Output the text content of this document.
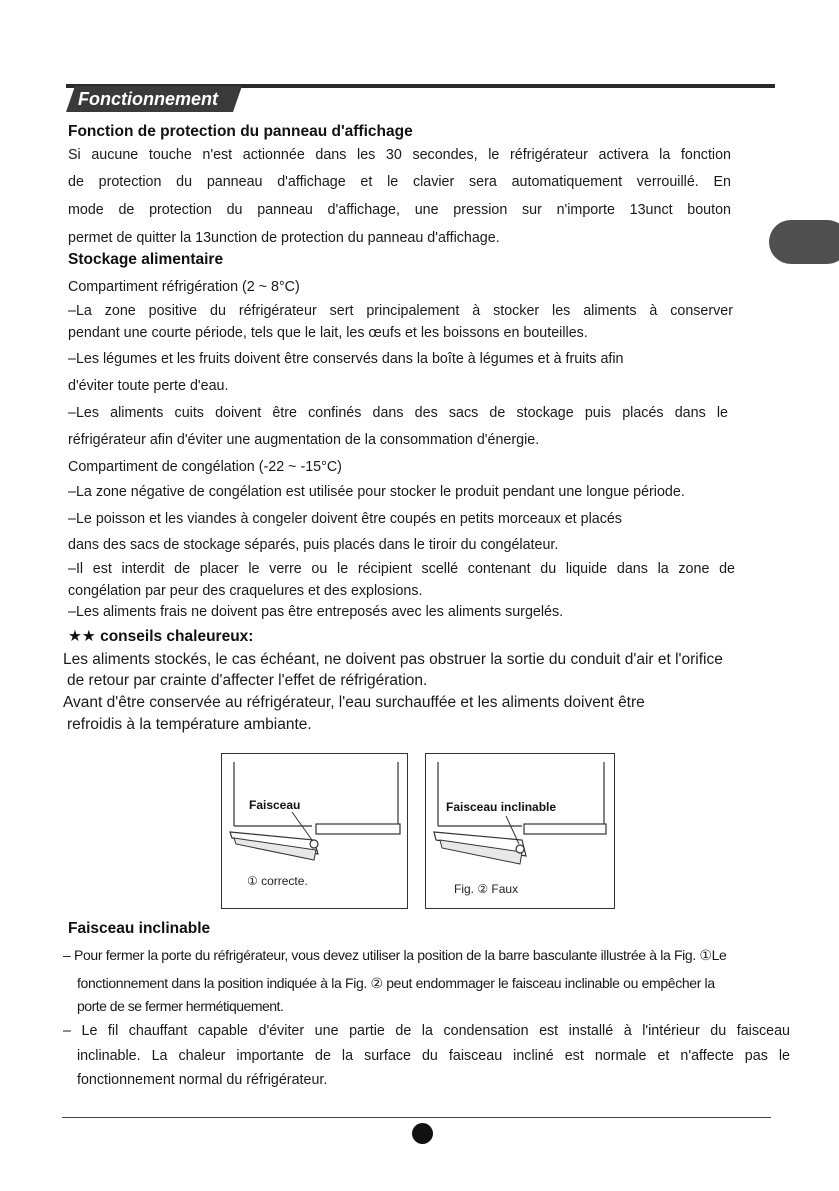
Fonctionnement
Fonction de protection du panneau d'affichage

Si aucune touche n'est actionnée dans les 30 secondes, le réfrigérateur activera la fonction

de protection du panneau d'affichage et le clavier sera automatiquement verrouillé. En

mode de protection du panneau d'affichage, une pression sur n'importe 13unct bouton

permet de quitter la 13unction de protection du panneau d'affichage.

Stockage alimentaire

Compartiment réfrigération (2 ~ 8°C)

–La zone positive du réfrigérateur sert principalement à stocker les aliments à conserver

pendant une courte période, tels que le lait, les œufs et les boissons en bouteilles.

–Les légumes et les fruits doivent être conservés dans la boîte à légumes et à fruits afin

d'éviter toute perte d'eau.

–Les aliments cuits doivent être confinés dans des sacs de stockage puis placés dans le

réfrigérateur afin d'éviter une augmentation de la consommation d'énergie.

Compartiment de congélation (-22 ~ -15°C)

–La zone négative de congélation est utilisée pour stocker le produit pendant une longue période.

–Le poisson et les viandes à congeler doivent être coupés en petits morceaux et placés

dans des sacs de stockage séparés, puis placés dans le tiroir du congélateur.

–Il est interdit de placer le verre ou le récipient scellé contenant du liquide dans la zone de

congélation par peur des craquelures et des explosions.

–Les aliments frais ne doivent pas être entreposés avec les aliments surgelés.

★★ conseils chaleureux:

Les aliments stockés, le cas échéant, ne doivent pas obstruer la sortie du conduit d'air et l'orifice

de retour par crainte d'affecter l'effet de réfrigération.

Avant d'être conservée au réfrigérateur, l'eau surchauffée et les aliments doivent être

refroidis à la température ambiante.

Faisceau
① correcte.
Faisceau inclinable
Fig. ② Faux
Faisceau inclinable

– Pour fermer la porte du réfrigérateur, vous devez utiliser la position de la barre basculante illustrée à la Fig. ①Le

fonctionnement dans la position indiquée à la Fig. ② peut endommager le faisceau inclinable ou empêcher la

porte de se fermer hermétiquement.

– Le fil chauffant capable d'éviter une partie de la condensation est installé à l'intérieur du faisceau

inclinable. La chaleur importante de la surface du faisceau incliné est normale et n'affecte pas le

fonctionnement normal du réfrigérateur.
